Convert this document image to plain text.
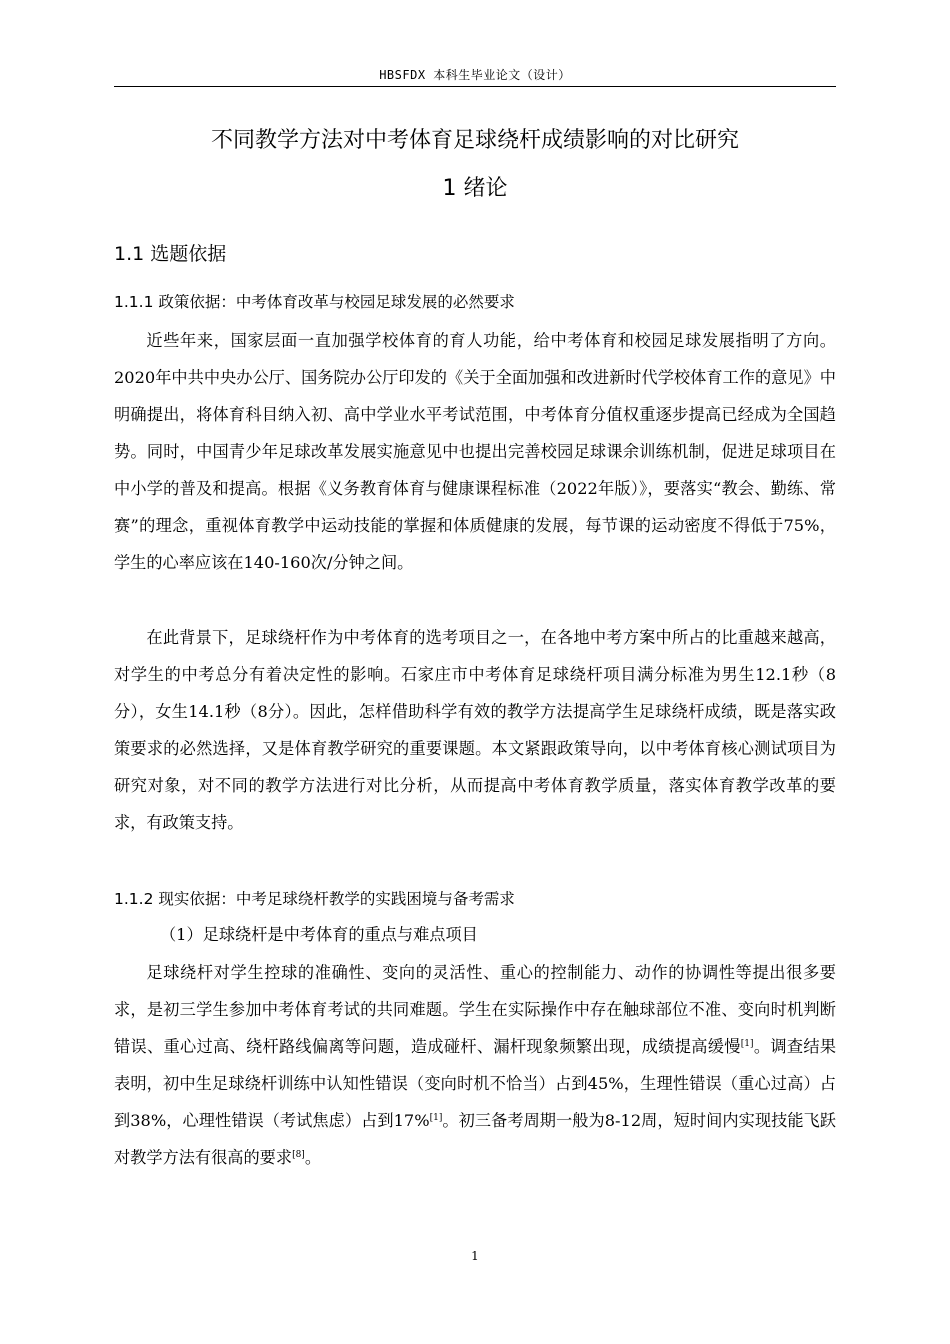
HBSFDX 本科生毕业论文（设计）
不同教学方法对中考体育足球绕杆成绩影响的对比研究
1 绪论
1.1 选题依据
1.1.1 政策依据：中考体育改革与校园足球发展的必然要求

近些年来，国家层面一直加强学校体育的育人功能，给中考体育和校园足球发展指明了方向。2020年中共中央办公厅、国务院办公厅印发的《关于全面加强和改进新时代学校体育工作的意见》中明确提出，将体育科目纳入初、高中学业水平考试范围，中考体育分值权重逐步提高已经成为全国趋势。同时，中国青少年足球改革发展实施意见中也提出完善校园足球课余训练机制，促进足球项目在中小学的普及和提高。根据《义务教育体育与健康课程标准（2022年版）》，要落实“教会、勤练、常赛”的理念，重视体育教学中运动技能的掌握和体质健康的发展，每节课的运动密度不得低于75%，学生的心率应该在140-160次/分钟之间。

在此背景下，足球绕杆作为中考体育的选考项目之一，在各地中考方案中所占的比重越来越高，对学生的中考总分有着决定性的影响。石家庄市中考体育足球绕杆项目满分标准为男生12.1秒（8分），女生14.1秒（8分）。因此，怎样借助科学有效的教学方法提高学生足球绕杆成绩，既是落实政策要求的必然选择，又是体育教学研究的重要课题。本文紧跟政策导向，以中考体育核心测试项目为研究对象，对不同的教学方法进行对比分析，从而提高中考体育教学质量，落实体育教学改革的要求，有政策支持。

1.1.2 现实依据：中考足球绕杆教学的实践困境与备考需求
（1）足球绕杆是中考体育的重点与难点项目

足球绕杆对学生控球的准确性、变向的灵活性、重心的控制能力、动作的协调性等提出很多要求，是初三学生参加中考体育考试的共同难题。学生在实际操作中存在触球部位不准、变向时机判断错误、重心过高、绕杆路线偏离等问题，造成碰杆、漏杆现象频繁出现，成绩提高缓慢[1]。调查结果表明，初中生足球绕杆训练中认知性错误（变向时机不恰当）占到45%，生理性错误（重心过高）占到38%，心理性错误（考试焦虑）占到17%[1]。初三备考周期一般为8-12周，短时间内实现技能飞跃对教学方法有很高的要求[8]。

1
